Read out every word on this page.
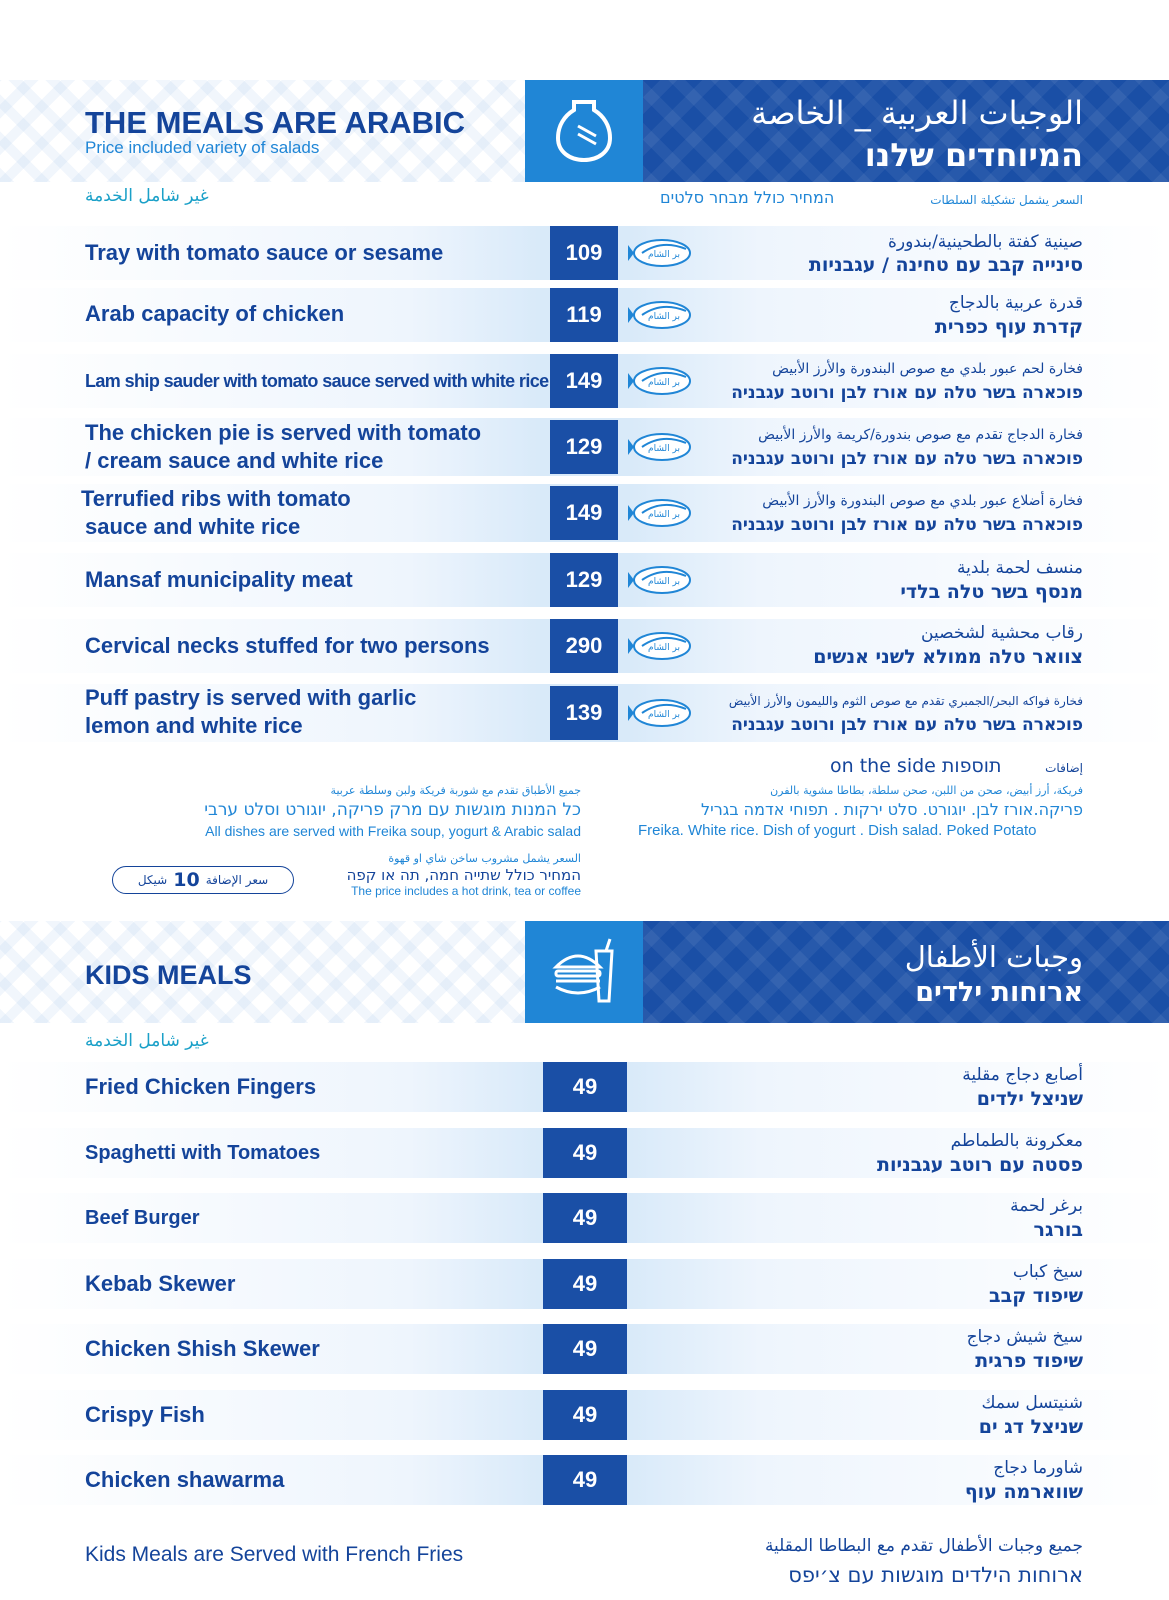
THE MEALS ARE ARABIC
Price included variety of salads
الوجبات العربية _ الخاصة
המיוחדים שלנו
غير شامل الخدمة	המחיר כולל מבחר סלטים	السعر يشمل تشكيلة السلطات
Tray with tomato sauce or sesame	109	بر الشام
صينية كفتة بالطحينية/بندورة
סינייה קבב עם טחינה / עגבניות
Arab capacity of chicken	119	بر الشام
قدرة عربية بالدجاج
קדרת עוף כפרית
Lam ship sauder with tomato sauce served with white rice 149	بر الشام
فخارة لحم عبور بلدي مع صوص البندورة والأرز الأبيض
פוכארה בשר טלה עם אורז לבן ורוטב עגבניה
The chicken pie is served with tomato
/ cream sauce and white rice
129	بر الشام
فخارة الدجاج تقدم مع صوص بندورة/كريمة والأرز الأبيض
פוכארה בשר טלה עם אורז לבן ורוטב עגבניה
Terrufied ribs with tomato
sauce and white rice
149	بر الشام
فخارة أضلاع عبور بلدي مع صوص البندورة والأرز الأبيض
פוכארה בשר טלה עם אורז לבן ורוטב עגבניה
Mansaf municipality meat	129	بر الشام
منسف لحمة بلدية
מנסף בשר טלה בלדי
Cervical necks stuffed for two persons	290	بر الشام
رقاب محشية لشخصين
צוואר טלה ממולא לשני אנשים
Puff pastry is served with garlic
lemon and white rice
139	بر الشام
فخارة فواكه البحر/الجمبري تقدم مع صوص الثوم والليمون والأرز الأبيض
פוכארה בשר טלה עם אורז לבן ורוטב עגבניה
on the side תוספות	إضافات
فريكة، أرز أبيض، صحن من اللبن، صحن سلطة، بطاطا مشوية بالفرن
פריקה.אורז לבן. יוגורט. סלט ירקות . תפוחי אדמה בגריל
Freika. White rice. Dish of yogurt . Dish salad. Poked Potato
جميع الأطباق تقدم مع شوربة فريكة ولبن وسلطة عربية
כל המנות מוגשות עם מרק פריקה, יוגורט וסלט ערבי
All dishes are served with Freika soup, yogurt & Arabic salad
السعر يشمل مشروب ساخن شاي او قهوة
המחיר כולל שתייה חמה, תה או קפה
The price includes a hot drink, tea or coffee
سعر الإضافة
10
شيكل
KIDS MEALS
وجبات الأطفال
ארוחות ילדים
غير شامل الخدمة
Fried Chicken Fingers	49	أصابع دجاج مقلية
שניצל ילדים
Spaghetti with Tomatoes	49	معكرونة بالطماطم
פסטה עם רוטב עגבניות
Beef Burger	49	برغر لحمة
בורגר
Kebab Skewer	49	سيخ كباب
שיפוד קבב
Chicken Shish Skewer	49	سيخ شيش دجاج
שיפוד פרגית
Crispy Fish	49	شنيتسل سمك
שניצל דג ים
Chicken shawarma	49	شاورما دجاج
שווארמה עוף
Kids Meals are Served with French Fries	جميع وجبات الأطفال تقدم مع البطاطا المقلية
ארוחות הילדים מוגשות עם צ׳יפס
